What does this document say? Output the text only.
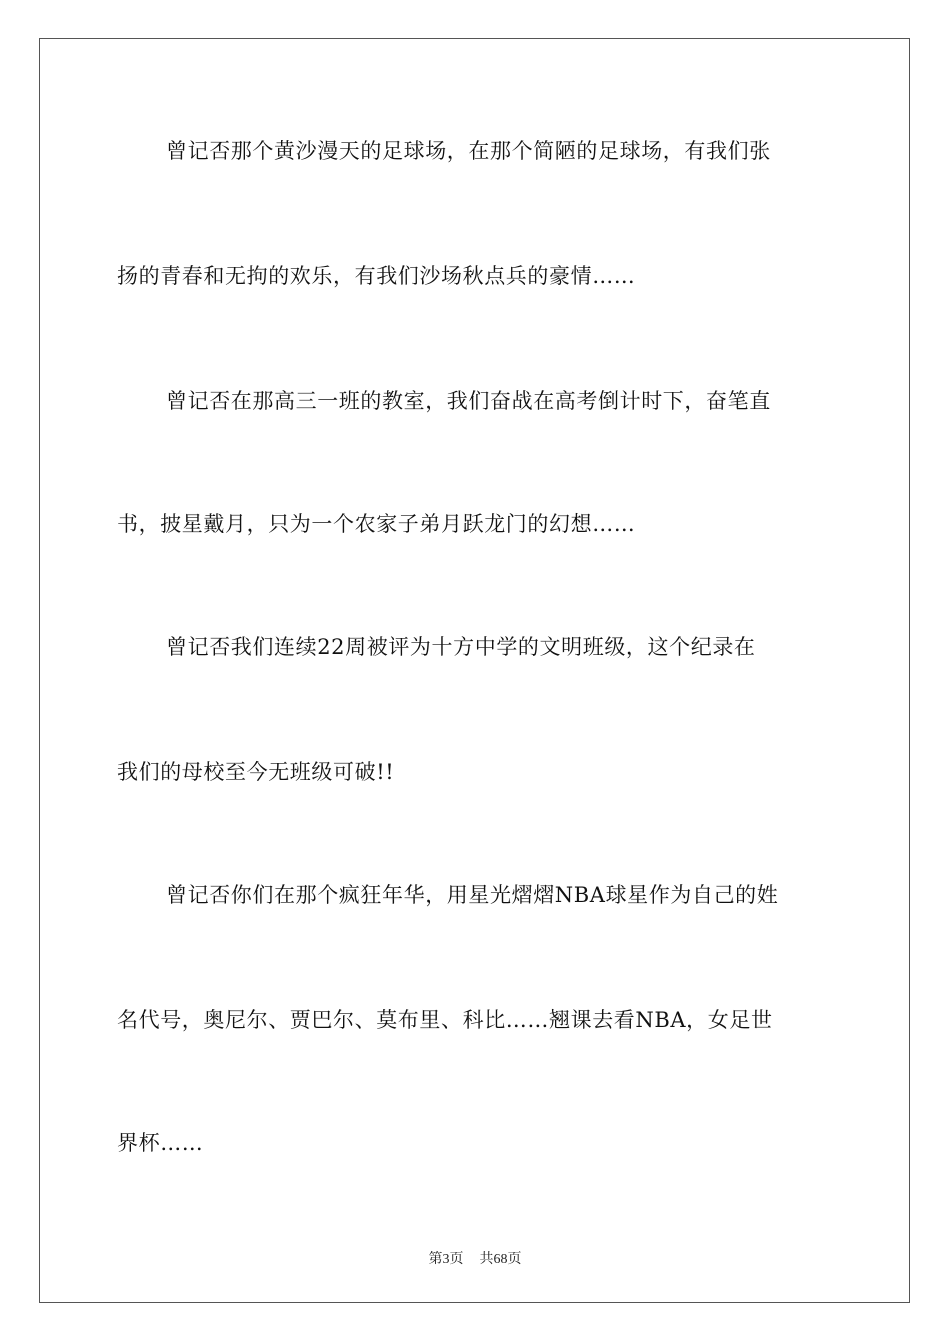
曾记否那个黄沙漫天的足球场，在那个简陋的足球场，有我们张
扬的青春和无拘的欢乐，有我们沙场秋点兵的豪情……
曾记否在那高三一班的教室，我们奋战在高考倒计时下，奋笔直
书，披星戴月，只为一个农家子弟月跃龙门的幻想……
曾记否我们连续22周被评为十方中学的文明班级，这个纪录在
我们的母校至今无班级可破!!
曾记否你们在那个疯狂年华，用星光熠熠NBA球星作为自己的姓
名代号，奥尼尔、贾巴尔、莫布里、科比……翘课去看NBA，女足世
界杯……
第3页 共68页
